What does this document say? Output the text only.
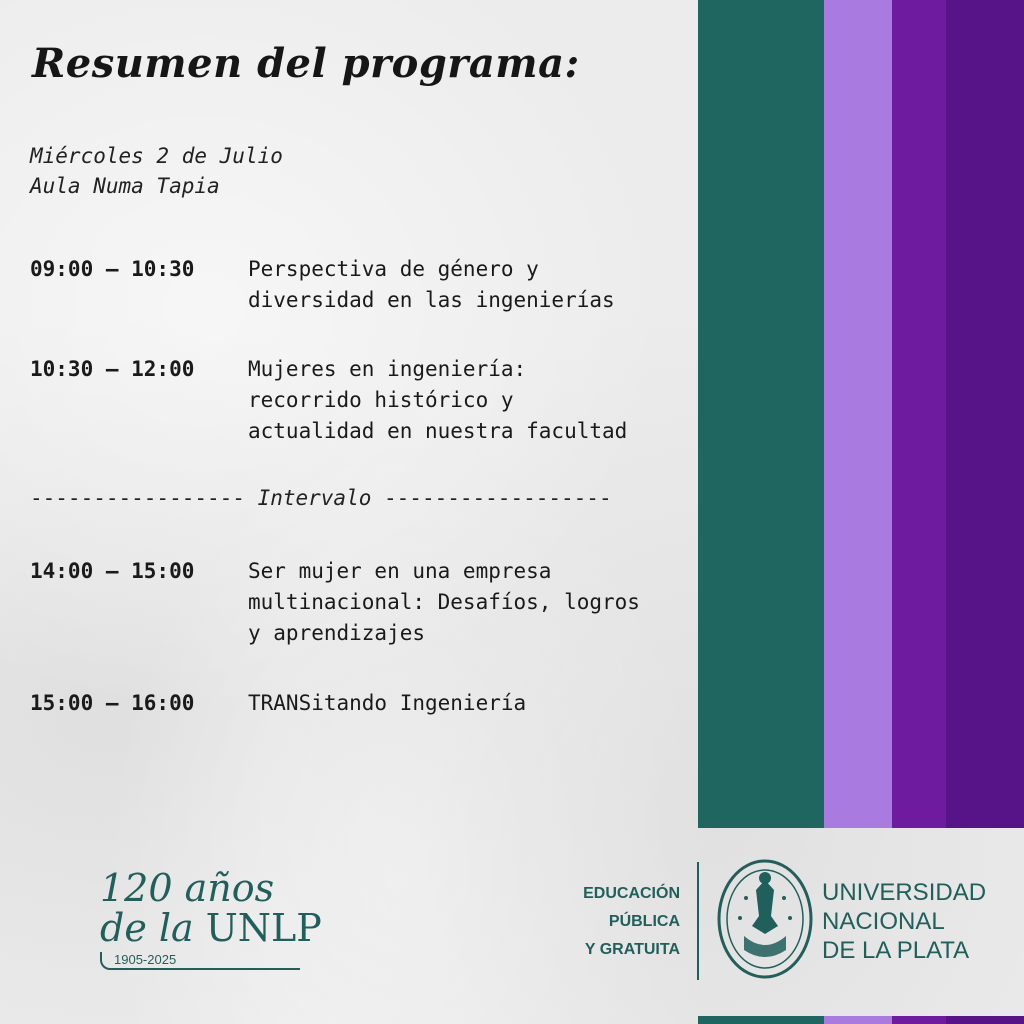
Resumen del programa:
Miércoles 2 de Julio
Aula Numa Tapia
09:00 – 10:30	Perspectiva de género y
diversidad en las ingenierías
10:30 – 12:00	Mujeres en ingeniería:
recorrido histórico y
actualidad en nuestra facultad
----------------- Intervalo ------------------
14:00 – 15:00	Ser mujer en una empresa
multinacional: Desafíos, logros
y aprendizajes
15:00 – 16:00	TRANSitando Ingeniería
120 años
de la UNLP
1905-2025
EDUCACIÓN
PÚBLICA
Y GRATUITA
UNIVERSIDAD
NACIONAL
DE LA PLATA
